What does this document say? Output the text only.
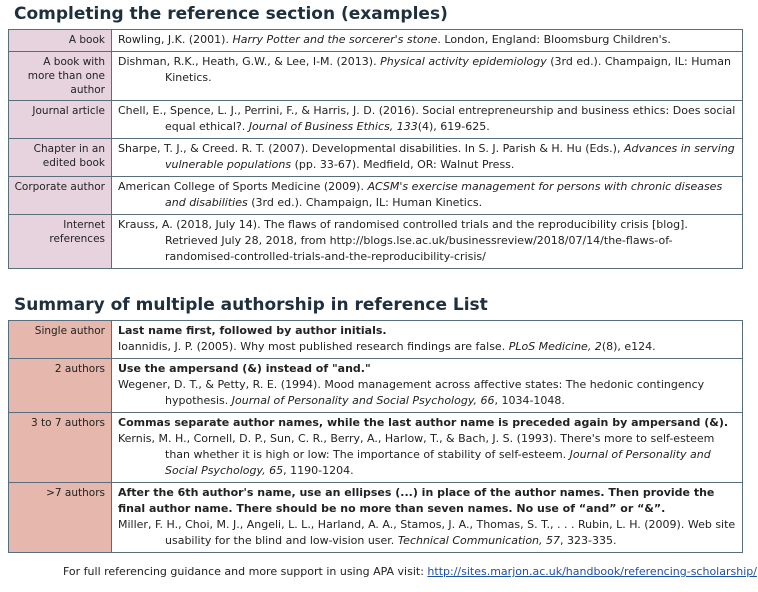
Completing the reference section (examples)
A book	Rowling, J.K. (2001). Harry Potter and the sorcerer's stone. London, England: Bloomsburg Children's.

A book with more than one author	Dishman, R.K., Heath, G.W., & Lee, I-M. (2013). Physical activity epidemiology (3rd ed.). Champaign, IL: Human Kinetics.

Journal article	Chell, E., Spence, L. J., Perrini, F., & Harris, J. D. (2016). Social entrepreneurship and business ethics: Does social equal ethical?. Journal of Business Ethics, 133(4), 619-625.

Chapter in an edited book	Sharpe, T. J., & Creed. R. T. (2007). Developmental disabilities. In S. J. Parish & H. Hu (Eds.), Advances in serving vulnerable populations (pp. 33-67). Medfield, OR: Walnut Press.

Corporate author	American College of Sports Medicine (2009). ACSM's exercise management for persons with chronic diseases and disabilities (3rd ed.). Champaign, IL: Human Kinetics.

Internet references	Krauss, A. (2018, July 14). The flaws of randomised controlled trials and the reproducibility crisis [blog]. Retrieved July 28, 2018, from http://blogs.lse.ac.uk/businessreview/2018/07/14/the-flaws-of-randomised-controlled-trials-and-the-reproducibility-crisis/
Summary of multiple authorship in reference List
Single author	Last name first, followed by author initials.
Ioannidis, J. P. (2005). Why most published research findings are false. PLoS Medicine, 2(8), e124.

2 authors	Use the ampersand (&) instead of "and."
Wegener, D. T., & Petty, R. E. (1994). Mood management across affective states: The hedonic contingency hypothesis. Journal of Personality and Social Psychology, 66, 1034-1048.

3 to 7 authors	Commas separate author names, while the last author name is preceded again by ampersand (&).
Kernis, M. H., Cornell, D. P., Sun, C. R., Berry, A., Harlow, T., & Bach, J. S. (1993). There's more to self-esteem than whether it is high or low: The importance of stability of self-esteem. Journal of Personality and Social Psychology, 65, 1190-1204.

>7 authors	After the 6th author's name, use an ellipses (...) in place of the author names. Then provide the final author name. There should be no more than seven names. No use of “and” or “&”.
Miller, F. H., Choi, M. J., Angeli, L. L., Harland, A. A., Stamos, J. A., Thomas, S. T., . . . Rubin, L. H. (2009). Web site usability for the blind and low-vision user. Technical Communication, 57, 323-335.
For full referencing guidance and more support in using APA visit: http://sites.marjon.ac.uk/handbook/referencing-scholarship/
